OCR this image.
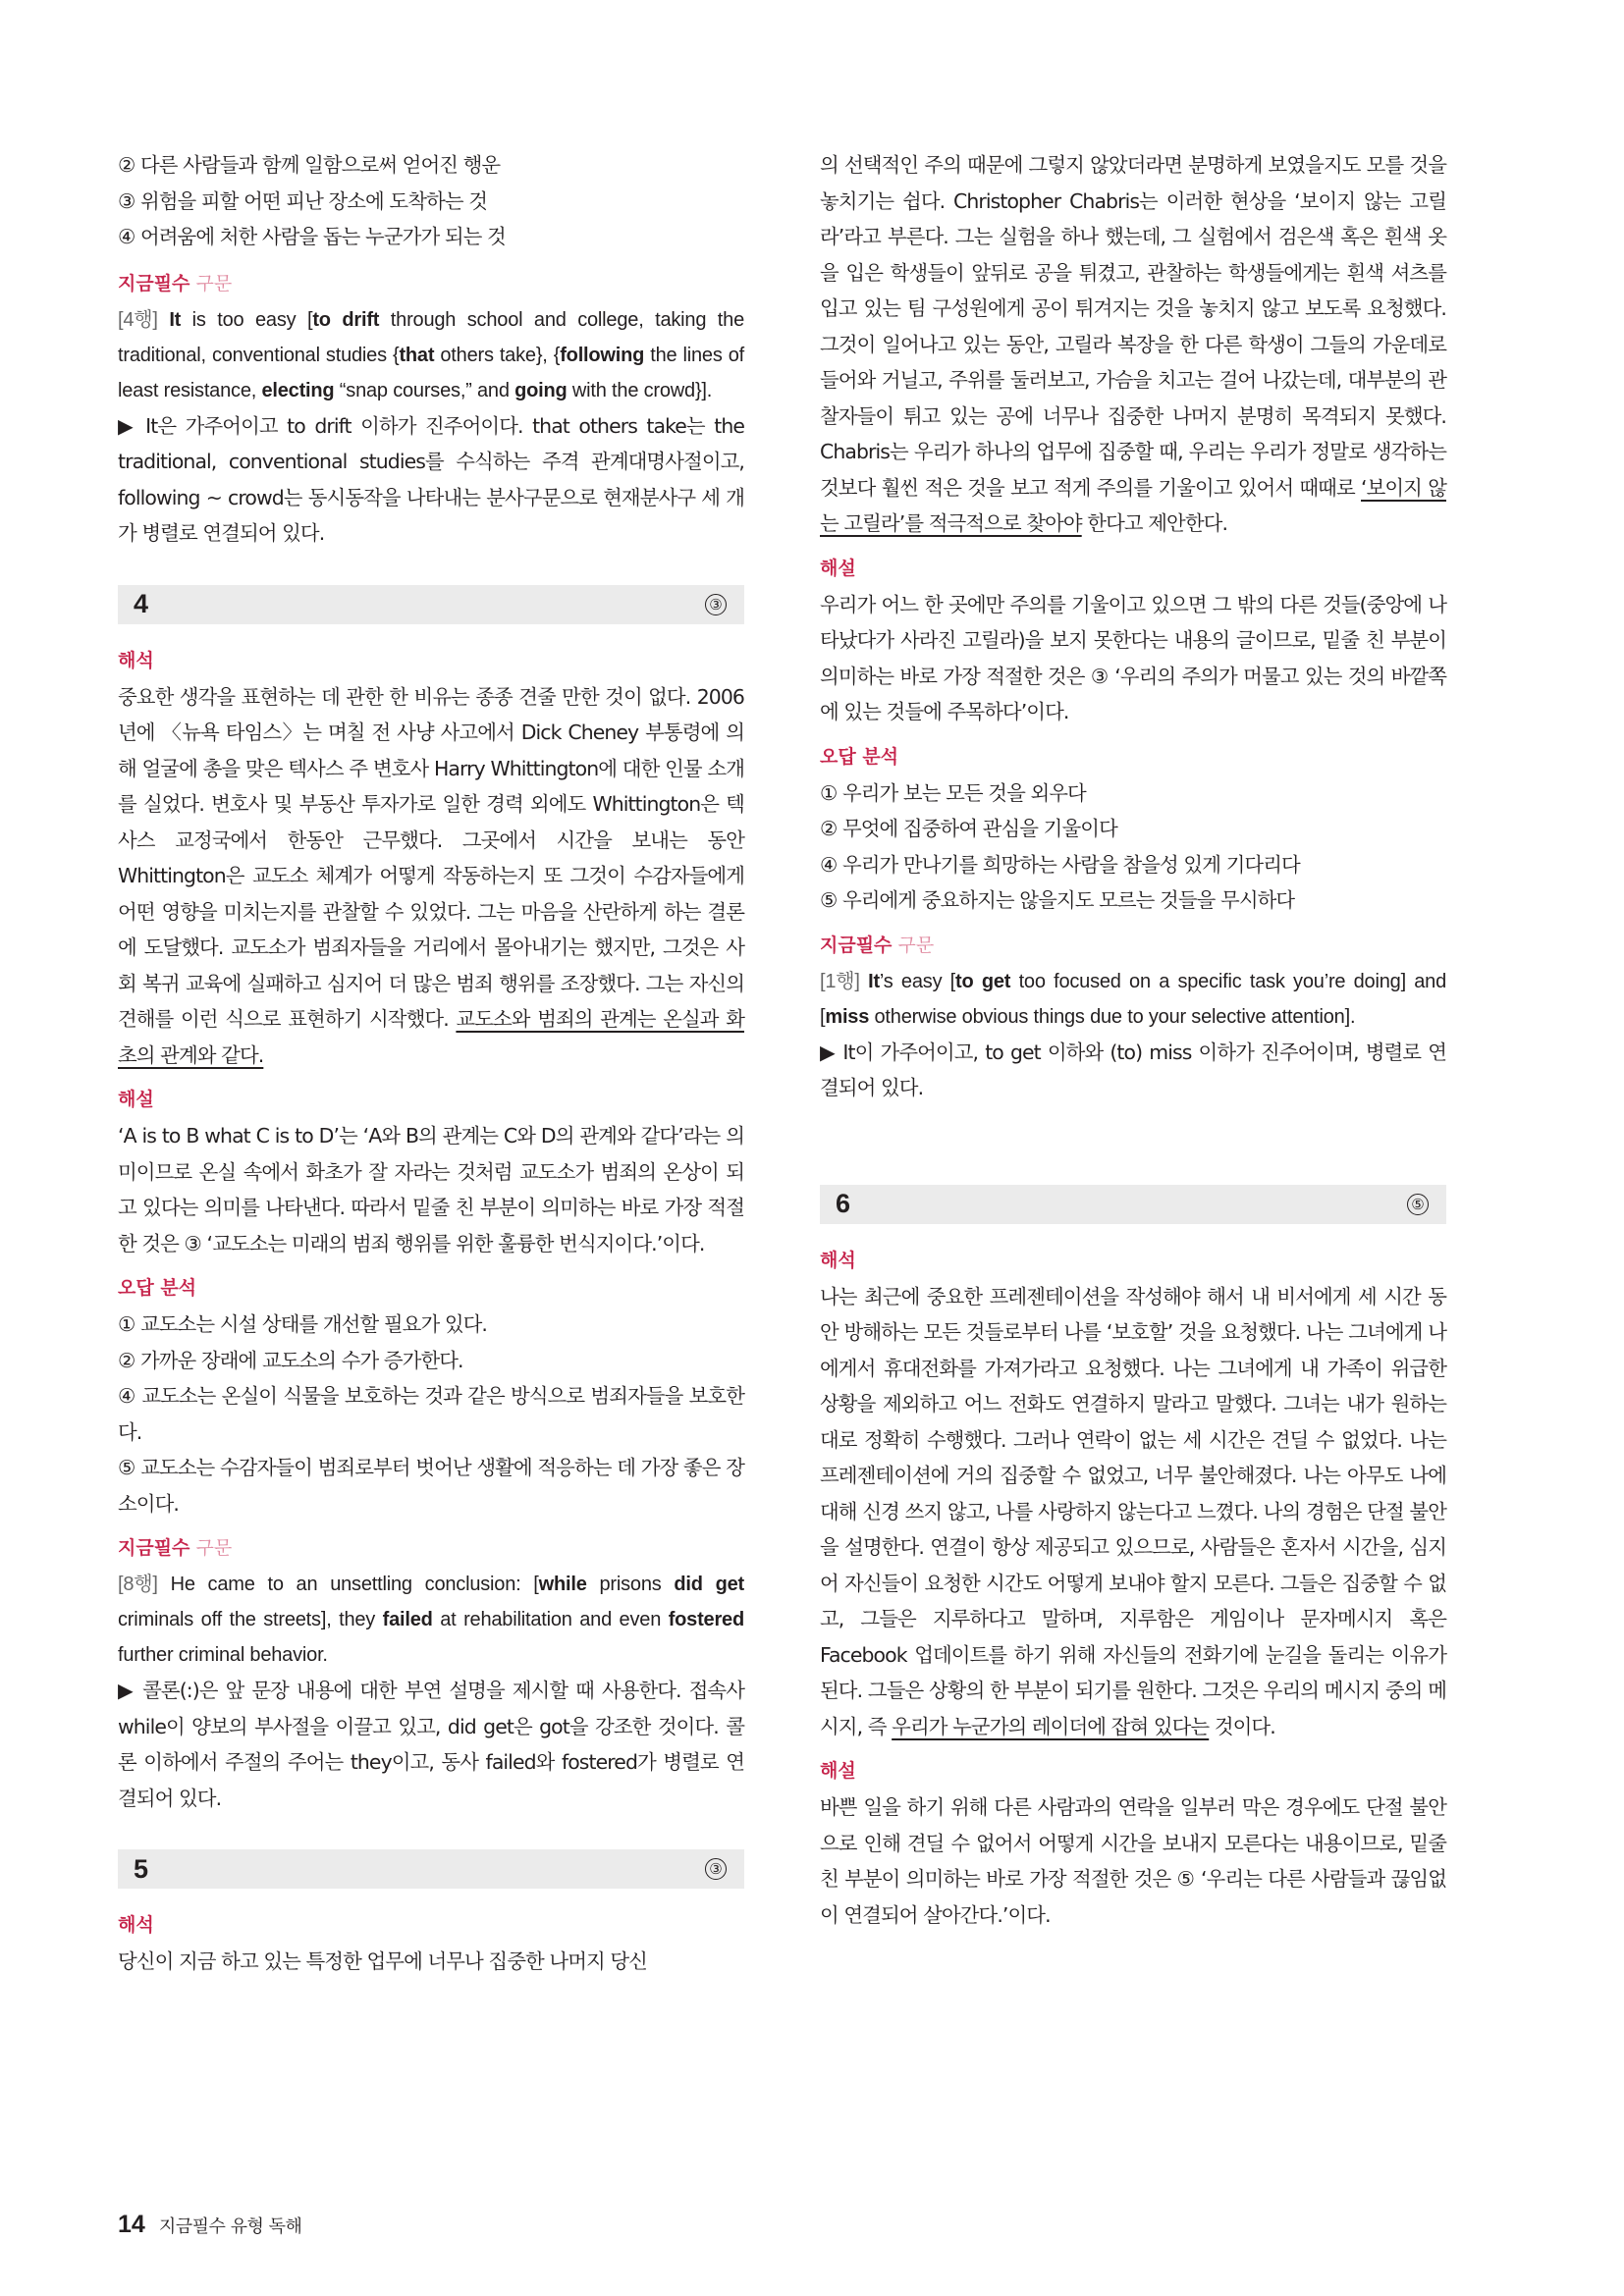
② 다른 사람들과 함께 일함으로써 얻어진 행운

③ 위험을 피할 어떤 피난 장소에 도착하는 것

④ 어려움에 처한 사람을 돕는 누군가가 되는 것

지금필수 구문

[4행] It is too easy [to drift through school and college, taking the traditional, conventional studies {that others take}, {following the lines of least resistance, electing “snap courses,” and going with the crowd}].

▶ It은 가주어이고 to drift 이하가 진주어이다. that others take는 the traditional, conventional studies를 수식하는 주격 관계대명사절이고, following ~ crowd는 동시동작을 나타내는 분사구문으로 현재분사구 세 개가 병렬로 연결되어 있다.

4	③

해석

중요한 생각을 표현하는 데 관한 한 비유는 종종 견줄 만한 것이 없다. 2006년에 〈뉴욕 타임스〉는 며칠 전 사냥 사고에서 Dick Cheney 부통령에 의해 얼굴에 총을 맞은 텍사스 주 변호사 Harry Whittington에 대한 인물 소개를 실었다. 변호사 및 부동산 투자가로 일한 경력 외에도 Whittington은 텍사스 교정국에서 한동안 근무했다. 그곳에서 시간을 보내는 동안 Whittington은 교도소 체계가 어떻게 작동하는지 또 그것이 수감자들에게 어떤 영향을 미치는지를 관찰할 수 있었다. 그는 마음을 산란하게 하는 결론에 도달했다. 교도소가 범죄자들을 거리에서 몰아내기는 했지만, 그것은 사회 복귀 교육에 실패하고 심지어 더 많은 범죄 행위를 조장했다. 그는 자신의 견해를 이런 식으로 표현하기 시작했다. 교도소와 범죄의 관계는 온실과 화초의 관계와 같다.

해설

‘A is to B what C is to D’는 ‘A와 B의 관계는 C와 D의 관계와 같다’라는 의미이므로 온실 속에서 화초가 잘 자라는 것처럼 교도소가 범죄의 온상이 되고 있다는 의미를 나타낸다. 따라서 밑줄 친 부분이 의미하는 바로 가장 적절한 것은 ③ ‘교도소는 미래의 범죄 행위를 위한 훌륭한 번식지이다.’이다.

오답 분석

① 교도소는 시설 상태를 개선할 필요가 있다.

② 가까운 장래에 교도소의 수가 증가한다.

④ 교도소는 온실이 식물을 보호하는 것과 같은 방식으로 범죄자들을 보호한다.

⑤ 교도소는 수감자들이 범죄로부터 벗어난 생활에 적응하는 데 가장 좋은 장소이다.

지금필수 구문

[8행] He came to an unsettling conclusion: [while prisons did get criminals off the streets], they failed at rehabilitation and even fostered further criminal behavior.

▶ 콜론(:)은 앞 문장 내용에 대한 부연 설명을 제시할 때 사용한다. 접속사 while이 양보의 부사절을 이끌고 있고, did get은 got을 강조한 것이다. 콜론 이하에서 주절의 주어는 they이고, 동사 failed와 fostered가 병렬로 연결되어 있다.

5	③

해석

당신이 지금 하고 있는 특정한 업무에 너무나 집중한 나머지 당신

의 선택적인 주의 때문에 그렇지 않았더라면 분명하게 보였을지도 모를 것을 놓치기는 쉽다. Christopher Chabris는 이러한 현상을 ‘보이지 않는 고릴라’라고 부른다. 그는 실험을 하나 했는데, 그 실험에서 검은색 혹은 흰색 옷을 입은 학생들이 앞뒤로 공을 튀겼고, 관찰하는 학생들에게는 흰색 셔츠를 입고 있는 팀 구성원에게 공이 튀겨지는 것을 놓치지 않고 보도록 요청했다. 그것이 일어나고 있는 동안, 고릴라 복장을 한 다른 학생이 그들의 가운데로 들어와 거닐고, 주위를 둘러보고, 가슴을 치고는 걸어 나갔는데, 대부분의 관찰자들이 튀고 있는 공에 너무나 집중한 나머지 분명히 목격되지 못했다. Chabris는 우리가 하나의 업무에 집중할 때, 우리는 우리가 정말로 생각하는 것보다 훨씬 적은 것을 보고 적게 주의를 기울이고 있어서 때때로 ‘보이지 않는 고릴라’를 적극적으로 찾아야 한다고 제안한다.

해설

우리가 어느 한 곳에만 주의를 기울이고 있으면 그 밖의 다른 것들(중앙에 나타났다가 사라진 고릴라)을 보지 못한다는 내용의 글이므로, 밑줄 친 부분이 의미하는 바로 가장 적절한 것은 ③ ‘우리의 주의가 머물고 있는 것의 바깥쪽에 있는 것들에 주목하다’이다.

오답 분석

① 우리가 보는 모든 것을 외우다

② 무엇에 집중하여 관심을 기울이다

④ 우리가 만나기를 희망하는 사람을 참을성 있게 기다리다

⑤ 우리에게 중요하지는 않을지도 모르는 것들을 무시하다

지금필수 구문

[1행] It’s easy [to get too focused on a specific task you’re doing] and [miss otherwise obvious things due to your selective attention].

▶ It이 가주어이고, to get 이하와 (to) miss 이하가 진주어이며, 병렬로 연결되어 있다.

6	⑤

해석

나는 최근에 중요한 프레젠테이션을 작성해야 해서 내 비서에게 세 시간 동안 방해하는 모든 것들로부터 나를 ‘보호할’ 것을 요청했다. 나는 그녀에게 나에게서 휴대전화를 가져가라고 요청했다. 나는 그녀에게 내 가족이 위급한 상황을 제외하고 어느 전화도 연결하지 말라고 말했다. 그녀는 내가 원하는 대로 정확히 수행했다. 그러나 연락이 없는 세 시간은 견딜 수 없었다. 나는 프레젠테이션에 거의 집중할 수 없었고, 너무 불안해졌다. 나는 아무도 나에 대해 신경 쓰지 않고, 나를 사랑하지 않는다고 느꼈다. 나의 경험은 단절 불안을 설명한다. 연결이 항상 제공되고 있으므로, 사람들은 혼자서 시간을, 심지어 자신들이 요청한 시간도 어떻게 보내야 할지 모른다. 그들은 집중할 수 없고, 그들은 지루하다고 말하며, 지루함은 게임이나 문자메시지 혹은 Facebook 업데이트를 하기 위해 자신들의 전화기에 눈길을 돌리는 이유가 된다. 그들은 상황의 한 부분이 되기를 원한다. 그것은 우리의 메시지 중의 메시지, 즉 우리가 누군가의 레이더에 잡혀 있다는 것이다.

해설

바쁜 일을 하기 위해 다른 사람과의 연락을 일부러 막은 경우에도 단절 불안으로 인해 견딜 수 없어서 어떻게 시간을 보내지 모른다는 내용이므로, 밑줄 친 부분이 의미하는 바로 가장 적절한 것은 ⑤ ‘우리는 다른 사람들과 끊임없이 연결되어 살아간다.’이다.

14 지금필수 유형 독해
